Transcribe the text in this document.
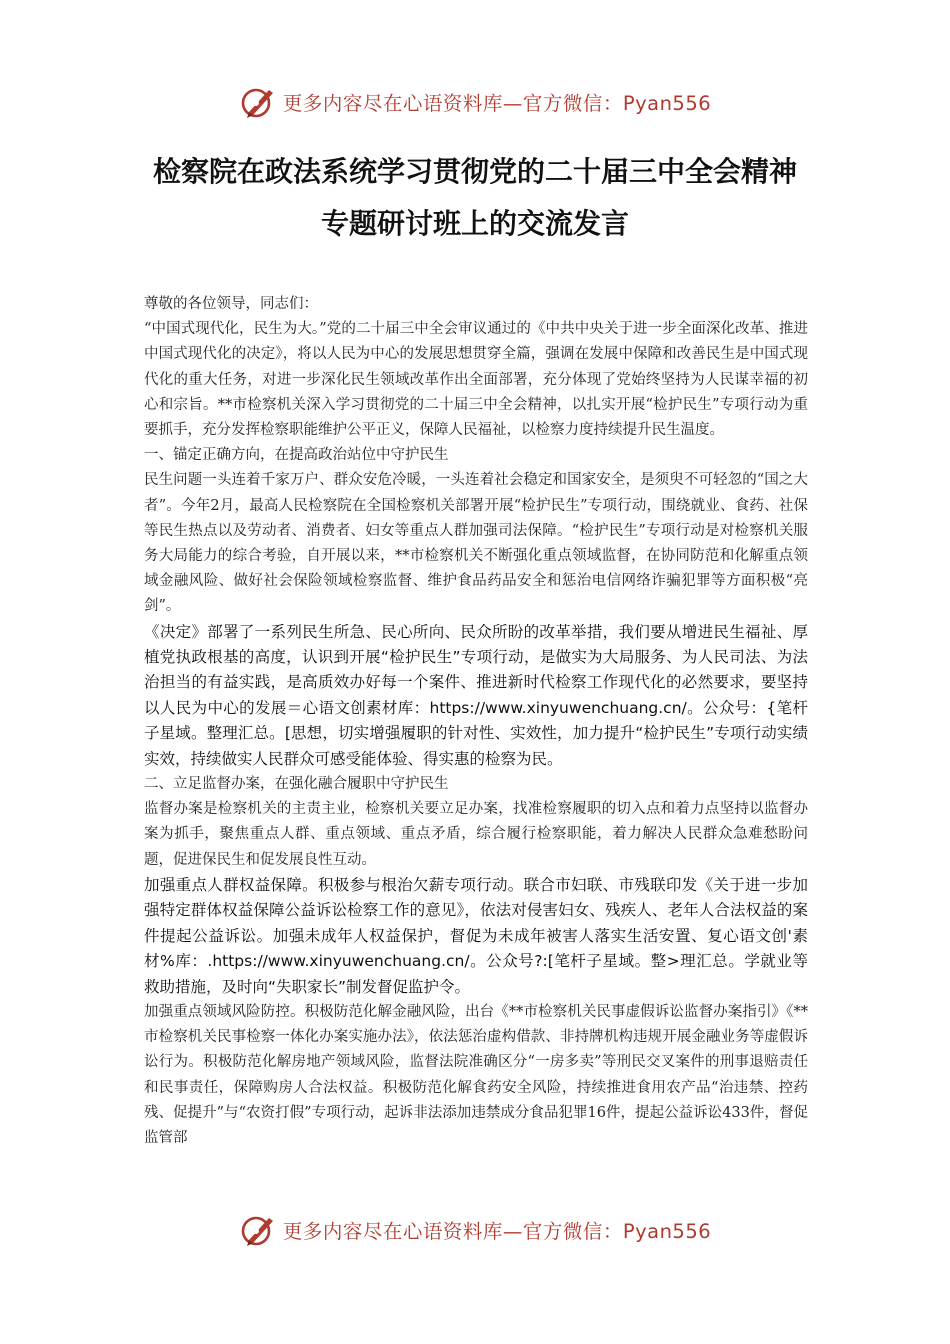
更多内容尽在心语资料库—官方微信：Pyan556
检察院在政法系统学习贯彻党的二十届三中全会精神
专题研讨班上的交流发言

尊敬的各位领导，同志们：

“中国式现代化，民生为大。”党的二十届三中全会审议通过的《中共中央关于进一步全面深化改革、推进中国式现代化的决定》，将以人民为中心的发展思想贯穿全篇，强调在发展中保障和改善民生是中国式现代化的重大任务，对进一步深化民生领域改革作出全面部署，充分体现了党始终坚持为人民谋幸福的初心和宗旨。**市检察机关深入学习贯彻党的二十届三中全会精神，以扎实开展“检护民生”专项行动为重要抓手，充分发挥检察职能维护公平正义，保障人民福祉，以检察力度持续提升民生温度。

一、锚定正确方向，在提高政治站位中守护民生

民生问题一头连着千家万户、群众安危冷暖，一头连着社会稳定和国家安全，是须臾不可轻忽的“国之大者”。今年2月，最高人民检察院在全国检察机关部署开展“检护民生”专项行动，围绕就业、食药、社保等民生热点以及劳动者、消费者、妇女等重点人群加强司法保障。“检护民生”专项行动是对检察机关服务大局能力的综合考验，自开展以来，**市检察机关不断强化重点领域监督，在协同防范和化解重点领域金融风险、做好社会保险领域检察监督、维护食品药品安全和惩治电信网络诈骗犯罪等方面积极“亮剑”。

《决定》部署了一系列民生所急、民心所向、民众所盼的改革举措，我们要从增进民生福祉、厚植党执政根基的高度，认识到开展“检护民生”专项行动，是做实为大局服务、为人民司法、为法治担当的有益实践，是高质效办好每一个案件、推进新时代检察工作现代化的必然要求，要坚持以人民为中心的发展＝心语文创素材库：https://www.xinyuwenchuang.cn/。公众号：{笔杆子星域。整理汇总。[思想，切实增强履职的针对性、实效性，加力提升“检护民生”专项行动实绩实效，持续做实人民群众可感受能体验、得实惠的检察为民。

二、立足监督办案，在强化融合履职中守护民生

监督办案是检察机关的主责主业，检察机关要立足办案，找准检察履职的切入点和着力点坚持以监督办案为抓手，聚焦重点人群、重点领域、重点矛盾，综合履行检察职能，着力解决人民群众急难愁盼问题，促进保民生和促发展良性互动。

加强重点人群权益保障。积极参与根治欠薪专项行动。联合市妇联、市残联印发《关于进一步加强特定群体权益保障公益诉讼检察工作的意见》，依法对侵害妇女、残疾人、老年人合法权益的案件提起公益诉讼。加强未成年人权益保护，督促为未成年被害人落实生活安置、复心语文创'素材%库：.https://www.xinyuwenchuang.cn/。公众号?:[笔杆子星域。整>理汇总。学就业等救助措施，及时向“失职家长”制发督促监护令。

加强重点领域风险防控。积极防范化解金融风险，出台《**市检察机关民事虚假诉讼监督办案指引》《**市检察机关民事检察一体化办案实施办法》，依法惩治虚构借款、非持牌机构违规开展金融业务等虚假诉讼行为。积极防范化解房地产领域风险，监督法院准确区分“一房多卖”等刑民交叉案件的刑事退赔责任和民事责任，保障购房人合法权益。积极防范化解食药安全风险，持续推进食用农产品“治违禁、控药残、促提升”与“农资打假”专项行动，起诉非法添加违禁成分食品犯罪16件，提起公益诉讼433件，督促监管部

更多内容尽在心语资料库—官方微信：Pyan556
